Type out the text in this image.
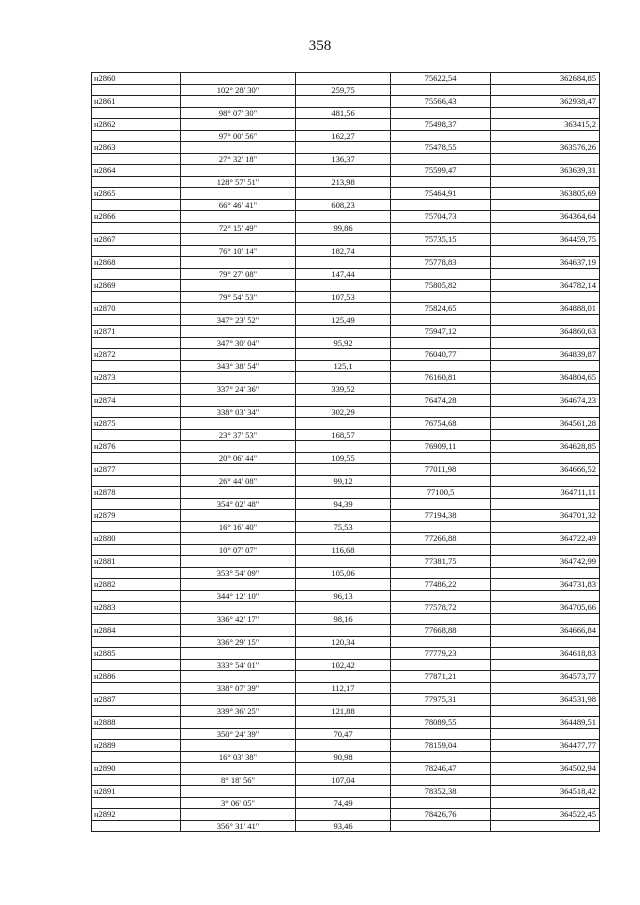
358
н2860			75622,54	362684,85
	102° 28' 30"	259,75		
н2861			75566,43	362938,47
	98° 07' 30"	481,56		
н2862			75498,37	363415,2
	97° 00' 56"	162,27		
н2863			75478,55	363576,26
	27° 32' 18"	136,37		
н2864			75599,47	363639,31
	128° 57' 51"	213,98		
н2865			75464,91	363805,69
	66° 46' 41"	608,23		
н2866			75704,73	364364,64
	72° 15' 49"	99,86		
н2867			75735,15	364459,75
	76° 10' 14"	182,74		
н2868			75778,83	364637,19
	79° 27' 08"	147,44		
н2869			75805,82	364782,14
	79° 54' 53"	107,53		
н2870			75824,65	364888,01
	347° 23' 52"	125,49		
н2871			75947,12	364860,63
	347° 30' 04"	95,92		
н2872			76040,77	364839,87
	343° 38' 54"	125,1		
н2873			76160,81	364804,65
	337° 24' 36"	339,52		
н2874			76474,28	364674,23
	338° 03' 34"	302,29		
н2875			76754,68	364561,28
	23° 37' 53"	168,57		
н2876			76909,11	364628,85
	20° 06' 44"	109,55		
н2877			77011,98	364666,52
	26° 44' 08"	99,12		
н2878			77100,5	364711,11
	354° 02' 48"	94,39		
н2879			77194,38	364701,32
	16° 16' 40"	75,53		
н2880			77266,88	364722,49
	10° 07' 07"	116,68		
н2881			77381,75	364742,99
	353° 54' 09"	105,06		
н2882			77486,22	364731,83
	344° 12' 10"	96,13		
н2883			77578,72	364705,66
	336° 42' 17"	98,16		
н2884			77668,88	364666,84
	336° 29' 15"	120,34		
н2885			77779,23	364618,83
	333° 54' 01"	102,42		
н2886			77871,21	364573,77
	338° 07' 39"	112,17		
н2887			77975,31	364531,98
	339° 36' 25"	121,88		
н2888			78089,55	364489,51
	350° 24' 39"	70,47		
н2889			78159,04	364477,77
	16° 03' 38"	90,98		
н2890			78246,47	364502,94
	8° 18' 56"	107,04		
н2891			78352,38	364518,42
	3° 06' 05"	74,49		
н2892			78426,76	364522,45
	356° 31' 41"	93,46		
